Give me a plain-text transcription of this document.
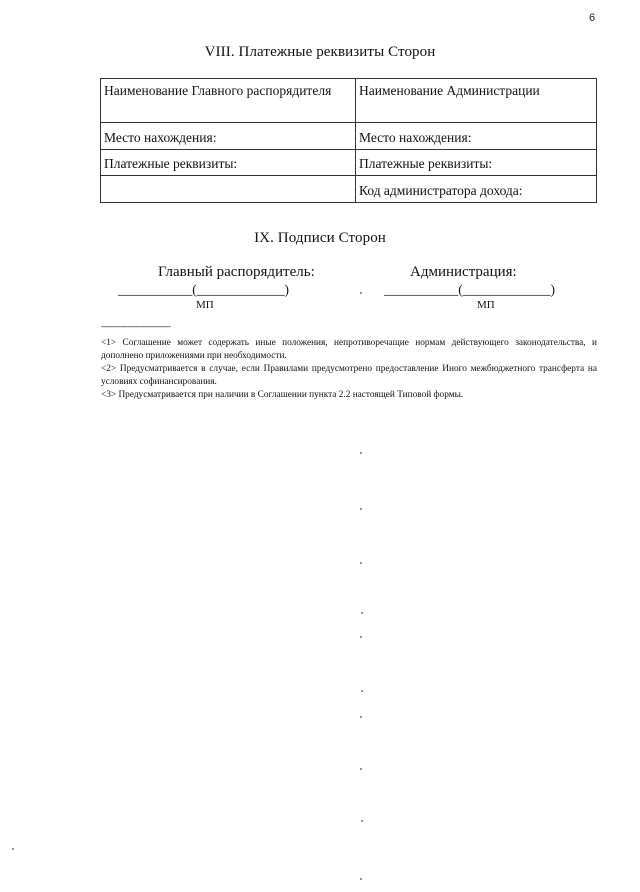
6
VIII. Платежные реквизиты Сторон
Наименование Главного распорядителя	Наименование Администрации
Место нахождения:	Место нахождения:
Платежные реквизиты:	Платежные реквизиты:
	Код администратора дохода:
IX. Подписи Сторон
Главный распорядитель:	Администрация:
___________(_____________)	___________(_____________)
МП	МП
--------------------------------

<1> Соглашение может содержать иные положения, непротиворечащие нормам действующего законодательства, и дополнено приложениями при необходимости.

<2> Предусматривается в случае, если Правилами предусмотрено предоставление Иного межбюджетного трансферта на условиях софинансирования.

<3> Предусматривается при наличии в Соглашении пункта 2.2 настоящей Типовой формы.
